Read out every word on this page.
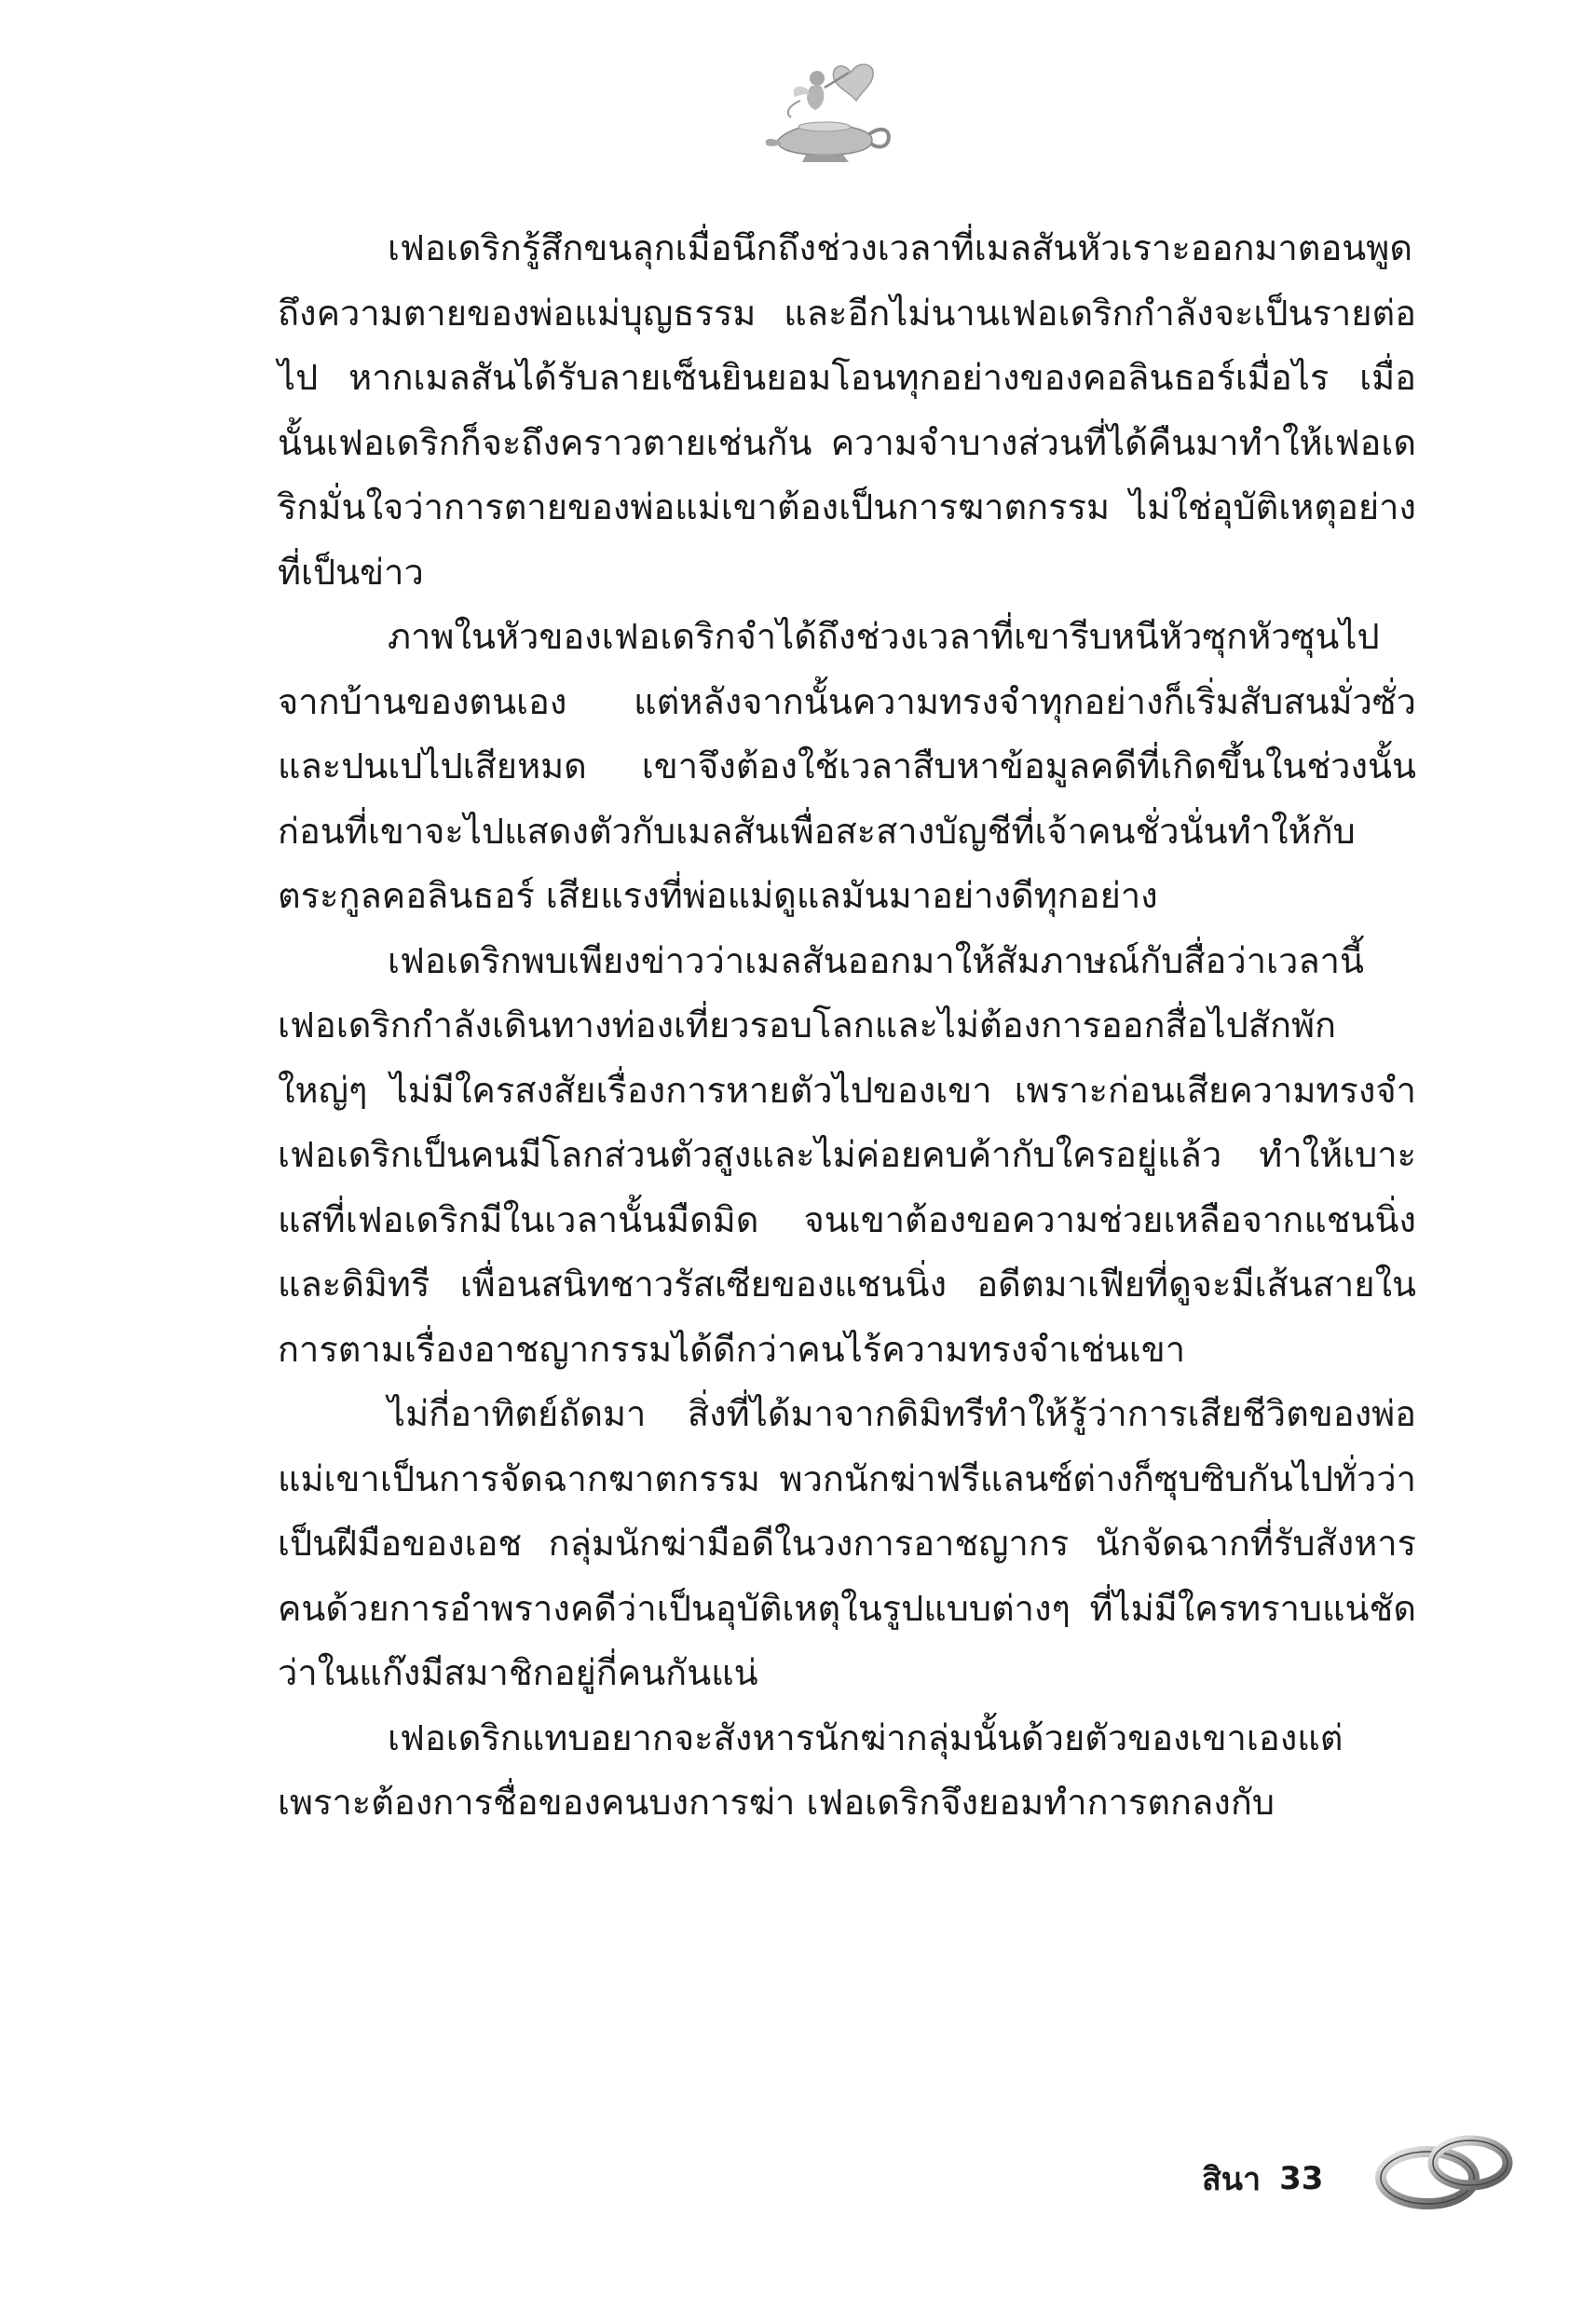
เฟอเดริกรู้สึกขนลุกเมื่อนึกถึงช่วงเวลาที่เมลสันหัวเราะออกมาตอนพูดถึงความตายของพ่อแม่บุญธรรม และอีกไม่นานเฟอเดริกกำลังจะเป็นรายต่อไป หากเมลสันได้รับลายเซ็นยินยอมโอนทุกอย่างของคอลินธอร์เมื่อไร เมื่อนั้นเฟอเดริกก็จะถึงคราวตายเช่นกัน ความจำบางส่วนที่ได้คืนมาทำให้เฟอเดริกมั่นใจว่าการตายของพ่อแม่เขาต้องเป็นการฆาตกรรม ไม่ใช่อุบัติเหตุอย่างที่เป็นข่าว

ภาพในหัวของเฟอเดริกจำได้ถึงช่วงเวลาที่เขารีบหนีหัวซุกหัวซุนไปจากบ้านของตนเอง แต่หลังจากนั้นความทรงจำทุกอย่างก็เริ่มสับสนมั่วซั่วและปนเปไปเสียหมด เขาจึงต้องใช้เวลาสืบหาข้อมูลคดีที่เกิดขึ้นในช่วงนั้นก่อนที่เขาจะไปแสดงตัวกับเมลสันเพื่อสะสางบัญชีที่เจ้าคนชั่วนั่นทำให้กับตระกูลคอลินธอร์ เสียแรงที่พ่อแม่ดูแลมันมาอย่างดีทุกอย่าง

เฟอเดริกพบเพียงข่าวว่าเมลสันออกมาให้สัมภาษณ์กับสื่อว่าเวลานี้เฟอเดริกกำลังเดินทางท่องเที่ยวรอบโลกและไม่ต้องการออกสื่อไปสักพักใหญ่ๆ ไม่มีใครสงสัยเรื่องการหายตัวไปของเขา เพราะก่อนเสียความทรงจำเฟอเดริกเป็นคนมีโลกส่วนตัวสูงและไม่ค่อยคบค้ากับใครอยู่แล้ว ทำให้เบาะแสที่เฟอเดริกมีในเวลานั้นมืดมิด จนเขาต้องขอความช่วยเหลือจากแชนนิ่งและดิมิทรี เพื่อนสนิทชาวรัสเซียของแชนนิ่ง อดีตมาเฟียที่ดูจะมีเส้นสายในการตามเรื่องอาชญากรรมได้ดีกว่าคนไร้ความทรงจำเช่นเขา

ไม่กี่อาทิตย์ถัดมา สิ่งที่ได้มาจากดิมิทรีทำให้รู้ว่าการเสียชีวิตของพ่อแม่เขาเป็นการจัดฉากฆาตกรรม พวกนักฆ่าฟรีแลนซ์ต่างก็ซุบซิบกันไปทั่วว่าเป็นฝีมือของเอช กลุ่มนักฆ่ามือดีในวงการอาชญากร นักจัดฉากที่รับสังหารคนด้วยการอำพรางคดีว่าเป็นอุบัติเหตุในรูปแบบต่างๆ ที่ไม่มีใครทราบแน่ชัดว่าในแก๊งมีสมาชิกอยู่กี่คนกันแน่

เฟอเดริกแทบอยากจะสังหารนักฆ่ากลุ่มนั้นด้วยตัวของเขาเองแต่เพราะต้องการชื่อของคนบงการฆ่า เฟอเดริกจึงยอมทำการตกลงกับ

สินา 33
